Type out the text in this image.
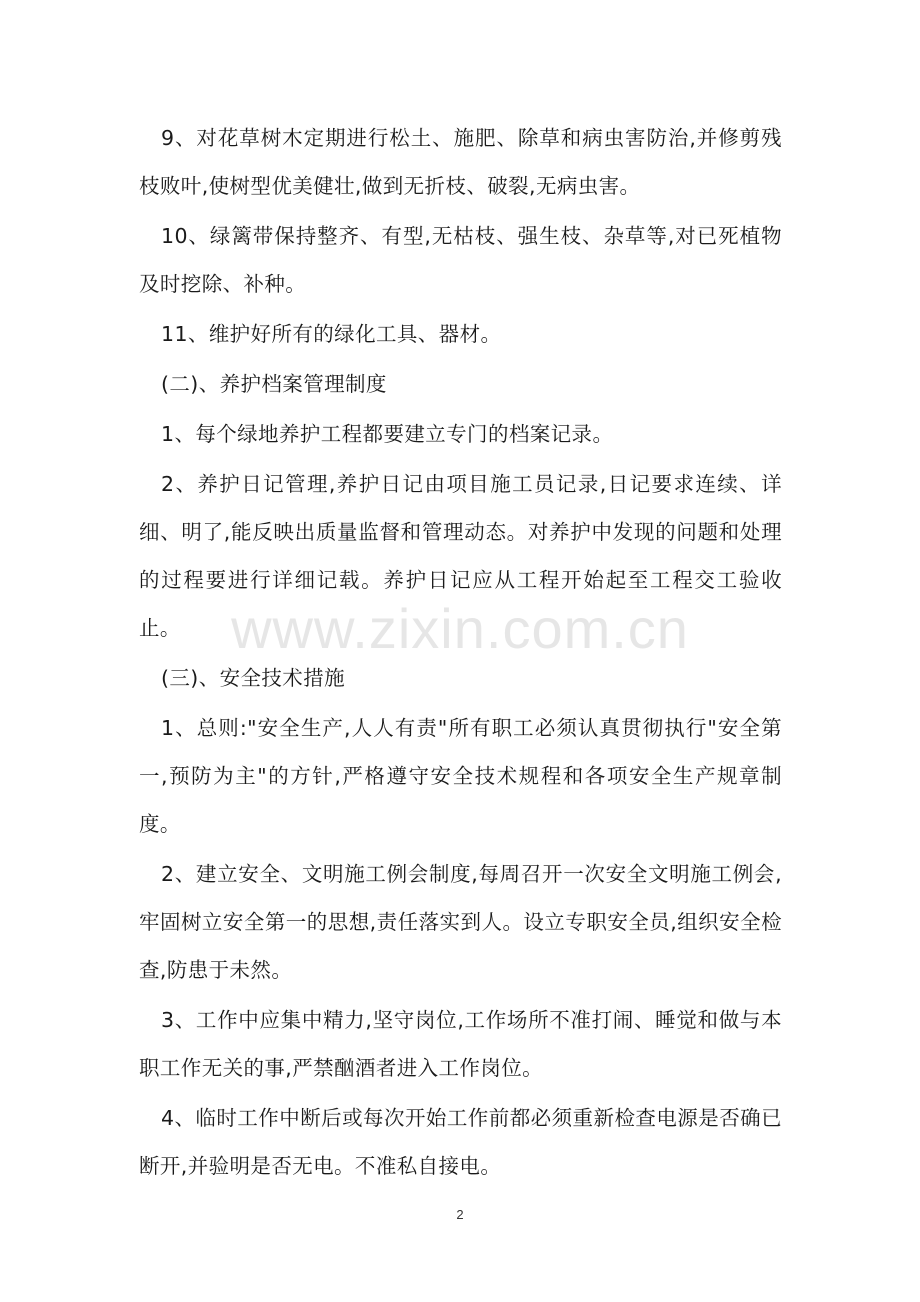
9、对花草树木定期进行松土、施肥、除草和病虫害防治,并修剪残枝败叶,使树型优美健壮,做到无折枝、破裂,无病虫害。

10、绿篱带保持整齐、有型,无枯枝、强生枝、杂草等,对已死植物及时挖除、补种。

11、维护好所有的绿化工具、器材。

(二)、养护档案管理制度

1、每个绿地养护工程都要建立专门的档案记录。

2、养护日记管理,养护日记由项目施工员记录,日记要求连续、详细、明了,能反映出质量监督和管理动态。对养护中发现的问题和处理的过程要进行详细记载。养护日记应从工程开始起至工程交工验收止。

(三)、安全技术措施

1、总则:"安全生产,人人有责"所有职工必须认真贯彻执行"安全第一,预防为主"的方针,严格遵守安全技术规程和各项安全生产规章制度。

2、建立安全、文明施工例会制度,每周召开一次安全文明施工例会,牢固树立安全第一的思想,责任落实到人。设立专职安全员,组织安全检查,防患于未然。

3、工作中应集中精力,坚守岗位,工作场所不准打闹、睡觉和做与本职工作无关的事,严禁酗酒者进入工作岗位。

4、临时工作中断后或每次开始工作前都必须重新检查电源是否确已断开,并验明是否无电。不准私自接电。

www.zixin.com.cn
2
